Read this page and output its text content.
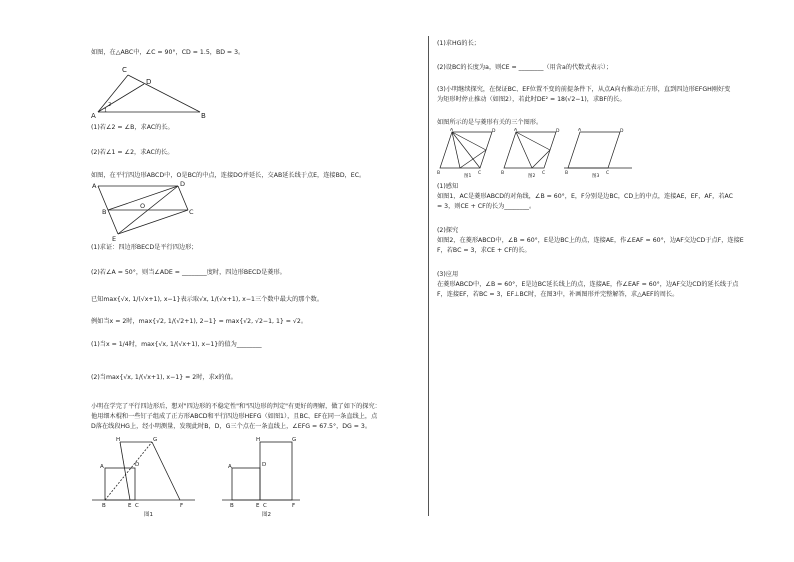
如图，在△ABC中，∠C = 90°，CD = 1.5，BD = 3。
A
C
D
B
1
2
(1)若∠2 = ∠B，求AC的长。
(2)若∠1 = ∠2，求AC的长。
如图，在平行四边形ABCD中，O是BC的中点，连接DO并延长，交AB延长线于点E，连接BD，EC。
A	D
B	C
O
E
(1)求证：四边形BECD是平行四边形；
(2)若∠A = 50°，则当∠ADE = ________度时，四边形BECD是菱形。
已知max{√x, 1/(√x+1), x−1}表示取√x, 1/(√x+1), x−1三个数中最大的那个数。
例如当x = 2时，max{√2, 1/(√2+1), 2−1} = max{√2, √2−1, 1} = √2。
(1)当x = 1/4时，max{√x, 1/(√x+1), x−1}的值为________
(2)当max{√x, 1/(√x+1), x−1} = 2时，求x的值。
小明在学完了平行四边形后，想对"四边形的不稳定性"和"四边形的判定"有更好的理解，做了如下的探究：
他用细木棍和一些钉子组成了正方形ABCD和平行四边形HEFG（如图1），且BC、EF在同一条直线上，点
D落在线段HG上，经小明测量，发现此时B，D，G三个点在一条直线上，∠EFG = 67.5°，DG = 3。
A
H	G
D
B	E C	F
图1
A
H	G
D
B	E C	F
图2
(1)求HG的长；
(2)设BC的长度为a，则CE = ________（用含a的代数式表示）；
(3)小明继续探究，在保证BC、EF位置不变的前提条件下，从点A向右推动正方形，直到四边形EFGH刚好变
为矩形时停止推动（如图2），若此时DE² = 18(√2−1)，求BF的长。
如图所示的是与菱形有关的三个图形。
A	D
B	C
A	D
B	C
A	D
B	C
图1	图2	图3
(1)感知
如图1，AC是菱形ABCD的对角线，∠B = 60°，E，F分别是边BC，CD上的中点，连接AE，EF，AF，若AC
= 3，则CE + CF的长为________。
(2)探究
如图2，在菱形ABCD中，∠B = 60°，E是边BC上的点，连接AE，作∠EAF = 60°，边AF交边CD于点F，连接E
F，若BC = 3，求CE + CF的长。
(3)应用
在菱形ABCD中，∠B = 60°，E是边BC延长线上的点，连接AE，作∠EAF = 60°，边AF交边CD的延长线于点
F，连接EF，若BC = 3，EF⊥BC时，在图3中，补画图形并完整解答，求△AEF的周长。
